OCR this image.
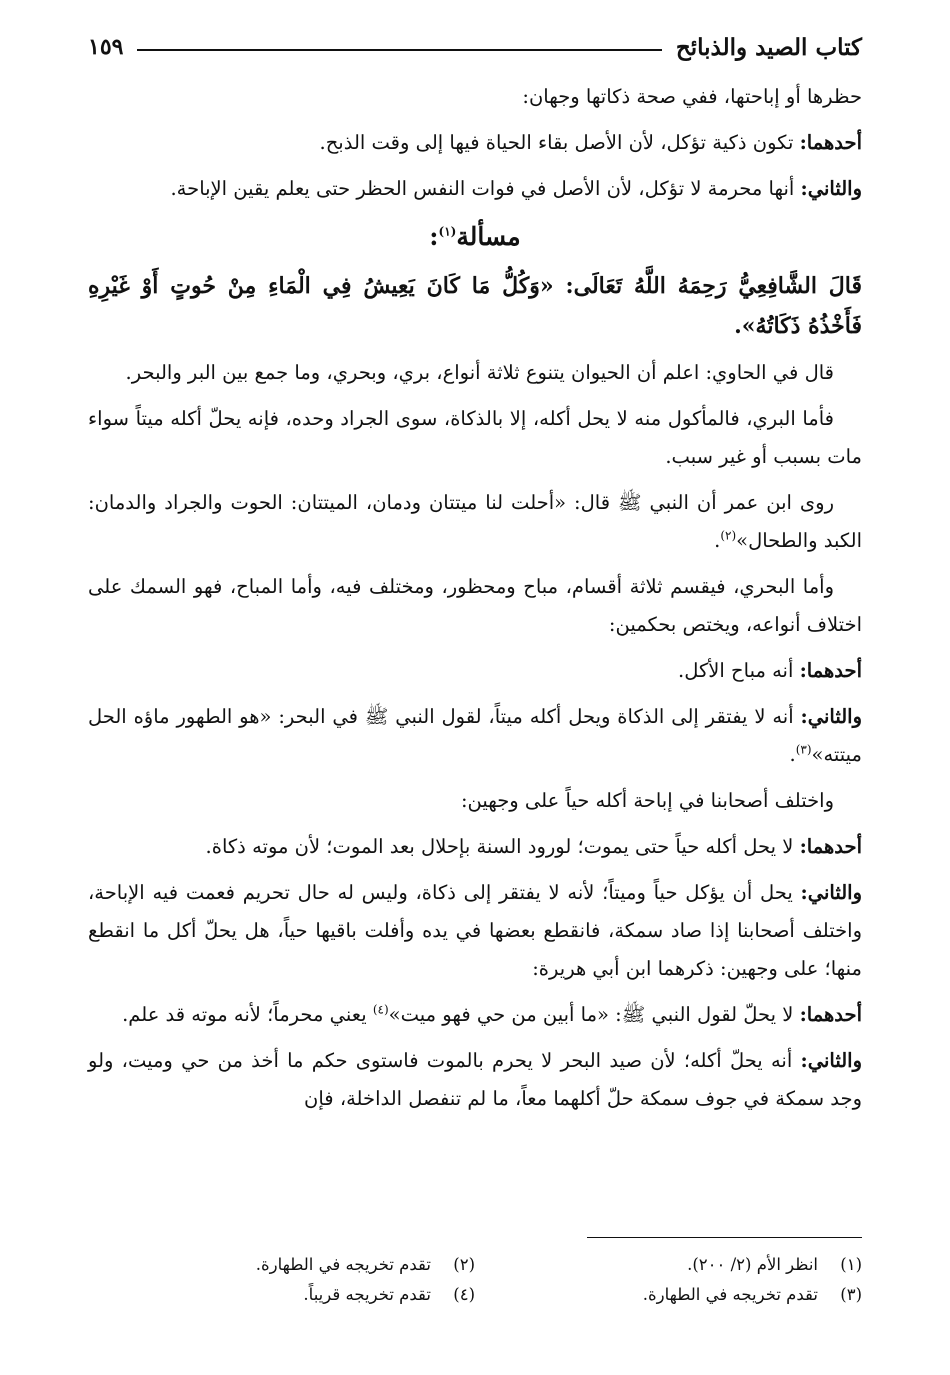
كتاب الصيد والذبائح
١٥٩

حظرها أو إباحتها، ففي صحة ذكاتها وجهان:

أحدهما: تكون ذكية تؤكل، لأن الأصل بقاء الحياة فيها إلى وقت الذبح.

والثاني: أنها محرمة لا تؤكل، لأن الأصل في فوات النفس الحظر حتى يعلم يقين الإباحة.

مسألة$^{(١)}$:

قَالَ الشَّافِعِيُّ رَحِمَهُ اللَّهُ تَعَالَى: «وَكُلُّ مَا كَانَ يَعِيشُ فِي الْمَاءِ مِنْ حُوتٍ أَوْ غَيْرِهِ فَأَخْذُهُ ذَكَاتُهُ».

قال في الحاوي: اعلم أن الحيوان يتنوع ثلاثة أنواع، بري، وبحري، وما جمع بين البر والبحر.

فأما البري، فالمأكول منه لا يحل أكله، إلا بالذكاة، سوى الجراد وحده، فإنه يحلّ أكله ميتاً سواء مات بسبب أو غير سبب.

روى ابن عمر أن النبي ﷺ قال: «أحلت لنا ميتتان ودمان، الميتتان: الحوت والجراد والدمان: الكبد والطحال»$^{(٢)}$.

وأما البحري، فيقسم ثلاثة أقسام، مباح ومحظور، ومختلف فيه، وأما المباح، فهو السمك على اختلاف أنواعه، ويختص بحكمين:

أحدهما: أنه مباح الأكل.

والثاني: أنه لا يفتقر إلى الذكاة ويحل أكله ميتاً، لقول النبي ﷺ في البحر: «هو الطهور ماؤه الحل ميتته»$^{(٣)}$.

واختلف أصحابنا في إباحة أكله حياً على وجهين:

أحدهما: لا يحل أكله حياً حتى يموت؛ لورود السنة بإحلال بعد الموت؛ لأن موته ذكاة.

والثاني: يحل أن يؤكل حياً وميتاً؛ لأنه لا يفتقر إلى ذكاة، وليس له حال تحريم فعمت فيه الإباحة، واختلف أصحابنا إذا صاد سمكة، فانقطع بعضها في يده وأفلت باقيها حياً، هل يحلّ أكل ما انقطع منها؛ على وجهين: ذكرهما ابن أبي هريرة:

أحدهما: لا يحلّ لقول النبي ﷺ: «ما أبين من حي فهو ميت»$^{(٤)}$ يعني محرماً؛ لأنه موته قد علم.

والثاني: أنه يحلّ أكله؛ لأن صيد البحر لا يحرم بالموت فاستوى حكم ما أخذ من حي وميت، ولو وجد سمكة في جوف سمكة حلّ أكلهما معاً، ما لم تنفصل الداخلة، فإن

(١)
انظر الأم (٢/ ٢٠٠).
(٢)
تقدم تخريجه في الطهارة.
(٣)
تقدم تخريجه في الطهارة.
(٤)
تقدم تخريجه قريباً.
